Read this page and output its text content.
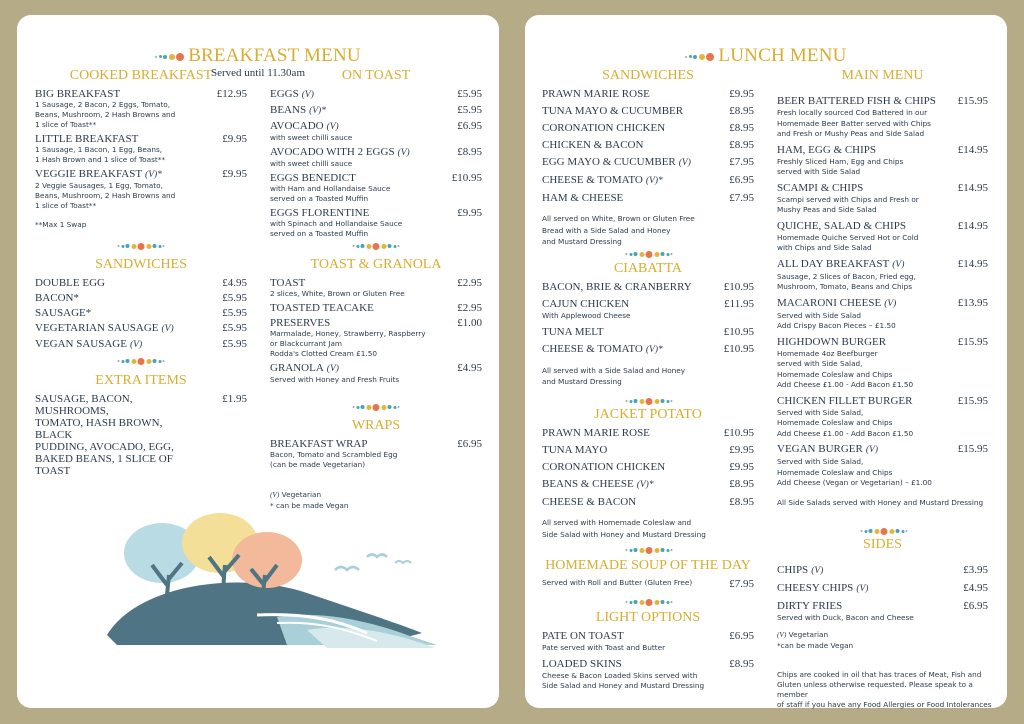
BREAKFAST MENU
Served until 11.30am
(V) Vegetarian
* can be made Vegan
COOKED BREAKFAST
BIG BREAKFAST	£12.95
1 Sausage, 2 Bacon, 2 Eggs, Tomato,
Beans, Mushroom, 2 Hash Browns and
1 slice of Toast**
LITTLE BREAKFAST	£9.95
1 Sausage, 1 Bacon, 1 Egg, Beans,
1 Hash Brown and 1 slice of Toast**
VEGGIE BREAKFAST (V)*	£9.95
2 Veggie Sausages, 1 Egg, Tomato,
Beans, Mushroom, 2 Hash Browns and
1 slice of Toast**
**Max 1 Swap
SANDWICHES
DOUBLE EGG	£4.95
BACON*	£5.95
SAUSAGE*	£5.95
VEGETARIAN SAUSAGE (V)	£5.95
VEGAN SAUSAGE (V)	£5.95
EXTRA ITEMS
SAUSAGE, BACON, MUSHROOMS,
TOMATO, HASH BROWN, BLACK
PUDDING, AVOCADO, EGG,
BAKED BEANS, 1 SLICE OF TOAST
£1.95
ON TOAST
EGGS (V)	£5.95
BEANS (V)*	£5.95
AVOCADO (V)	£6.95
with sweet chilli sauce
AVOCADO WITH 2 EGGS (V)	£8.95
with sweet chilli sauce
EGGS BENEDICT	£10.95
with Ham and Hollandaise Sauce
served on a Toasted Muffin
EGGS FLORENTINE	£9.95
with Spinach and Hollandaise Sauce
served on a Toasted Muffin
TOAST & GRANOLA
TOAST	£2.95
2 slices, White, Brown or Gluten Free
TOASTED TEACAKE	£2.95
PRESERVES	£1.00
Marmalade, Honey, Strawberry, Raspberry
or Blackcurrant Jam
Rodda's Clotted Cream £1.50
GRANOLA (V)	£4.95
Served with Honey and Fresh Fruits
WRAPS
BREAKFAST WRAP	£6.95
Bacon, Tomato and Scrambled Egg
(can be made Vegetarian)
LUNCH MENU
(V) Vegetarian
*can be made Vegan
Chips are cooked in oil that has traces of Meat, Fish and
Gluten unless otherwise requested. Please speak to a member
of staff if you have any Food Allergies or Food Intolerances
SANDWICHES
PRAWN MARIE ROSE	£9.95
TUNA MAYO & CUCUMBER	£8.95
CORONATION CHICKEN	£8.95
CHICKEN & BACON	£8.95
EGG MAYO & CUCUMBER (V)	£7.95
CHEESE & TOMATO (V)*	£6.95
HAM & CHEESE	£7.95
All served on White, Brown or Gluten Free
Bread with a Side Salad and Honey
and Mustard Dressing
CIABATTA
BACON, BRIE & CRANBERRY	£10.95
CAJUN CHICKEN	£11.95
With Applewood Cheese
TUNA MELT	£10.95
CHEESE & TOMATO (V)*	£10.95
All served with a Side Salad and Honey
and Mustard Dressing
JACKET POTATO
PRAWN MARIE ROSE	£10.95
TUNA MAYO	£9.95
CORONATION CHICKEN	£9.95
BEANS & CHEESE (V)*	£8.95
CHEESE & BACON	£8.95
All served with Homemade Coleslaw and
Side Salad with Honey and Mustard Dressing
HOMEMADE SOUP OF THE DAY
£7.95
Served with Roll and Butter (Gluten Free)
LIGHT OPTIONS
PATE ON TOAST	£6.95
Pate served with Toast and Butter
LOADED SKINS	£8.95
Cheese & Bacon Loaded Skins served with
Side Salad and Honey and Mustard Dressing
MAIN MENU
BEER BATTERED FISH & CHIPS	£15.95
Fresh locally sourced Cod Battered in our
Homemade Beer Batter served with Chips
and Fresh or Mushy Peas and Side Salad
HAM, EGG & CHIPS	£14.95
Freshly Sliced Ham, Egg and Chips
served with Side Salad
SCAMPI & CHIPS	£14.95
Scampi served with Chips and Fresh or
Mushy Peas and Side Salad
QUICHE, SALAD & CHIPS	£14.95
Homemade Quiche Served Hot or Cold
with Chips and Side Salad
ALL DAY BREAKFAST (V)	£14.95
Sausage, 2 Slices of Bacon, Fried egg,
Mushroom, Tomato, Beans and Chips
MACARONI CHEESE (V)	£13.95
Served with Side Salad
Add Crispy Bacon Pieces – £1.50
HIGHDOWN BURGER	£15.95
Homemade 4oz Beefburger
served with Side Salad,
Homemade Coleslaw and Chips
Add Cheese £1.00 - Add Bacon £1.50
CHICKEN FILLET BURGER	£15.95
Served with Side Salad,
Homemade Coleslaw and Chips
Add Cheese £1.00 - Add Bacon £1.50
VEGAN BURGER (V)	£15.95
Served with Side Salad,
Homemade Coleslaw and Chips
Add Cheese (Vegan or Vegetarian) – £1.00
All Side Salads served with Honey and Mustard Dressing
SIDES
CHIPS (V)	£3.95
CHEESY CHIPS (V)	£4.95
DIRTY FRIES	£6.95
Served with Duck, Bacon and Cheese
